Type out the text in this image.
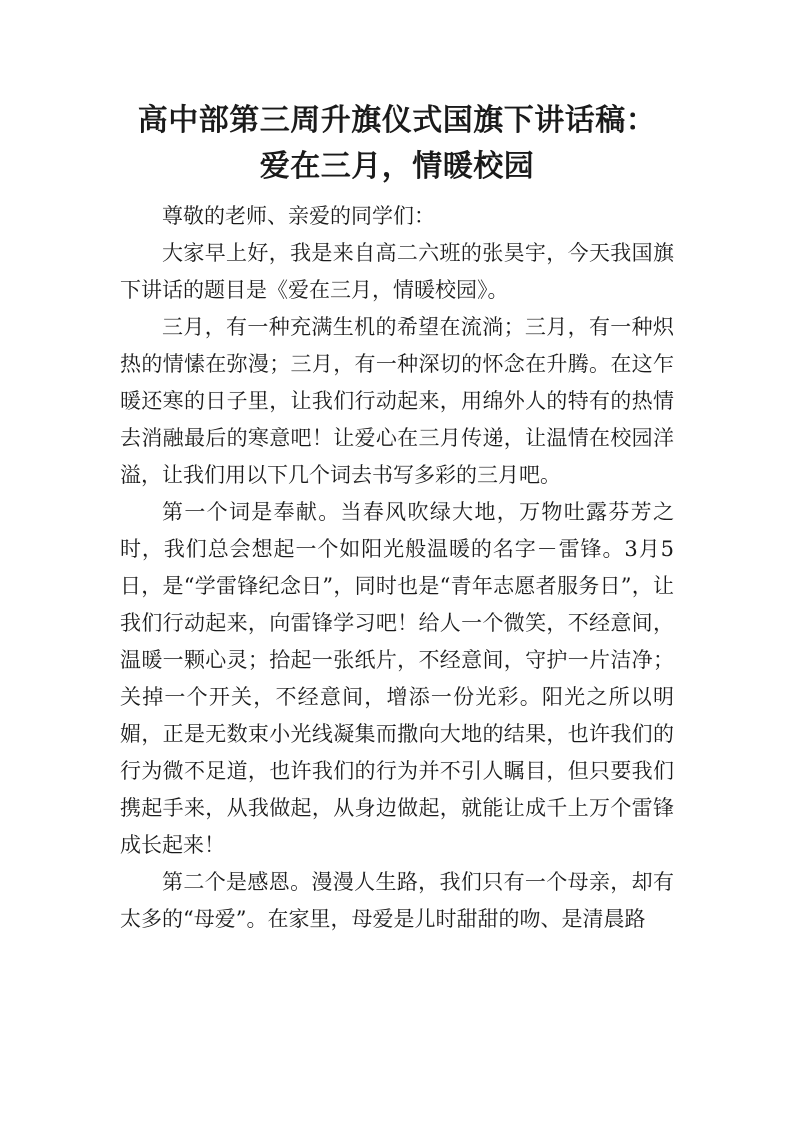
高中部第三周升旗仪式国旗下讲话稿：
爱在三月，情暖校园

尊敬的老师、亲爱的同学们：

大家早上好，我是来自高二六班的张昊宇，今天我国旗下讲话的题目是《爱在三月，情暖校园》。

三月，有一种充满生机的希望在流淌；三月，有一种炽热的情愫在弥漫；三月，有一种深切的怀念在升腾。在这乍暖还寒的日子里，让我们行动起来，用绵外人的特有的热情去消融最后的寒意吧！让爱心在三月传递，让温情在校园洋溢，让我们用以下几个词去书写多彩的三月吧。

第一个词是奉献。当春风吹绿大地，万物吐露芬芳之时，我们总会想起一个如阳光般温暖的名字－雷锋。3月5日，是“学雷锋纪念日”，同时也是“青年志愿者服务日”，让我们行动起来，向雷锋学习吧！给人一个微笑，不经意间，温暖一颗心灵；拾起一张纸片，不经意间，守护一片洁净；关掉一个开关，不经意间，增添一份光彩。阳光之所以明媚，正是无数束小光线凝集而撒向大地的结果，也许我们的行为微不足道，也许我们的行为并不引人瞩目，但只要我们携起手来，从我做起，从身边做起，就能让成千上万个雷锋成长起来！

第二个是感恩。漫漫人生路，我们只有一个母亲，却有太多的“母爱”。在家里，母爱是儿时甜甜的吻、是清晨路
